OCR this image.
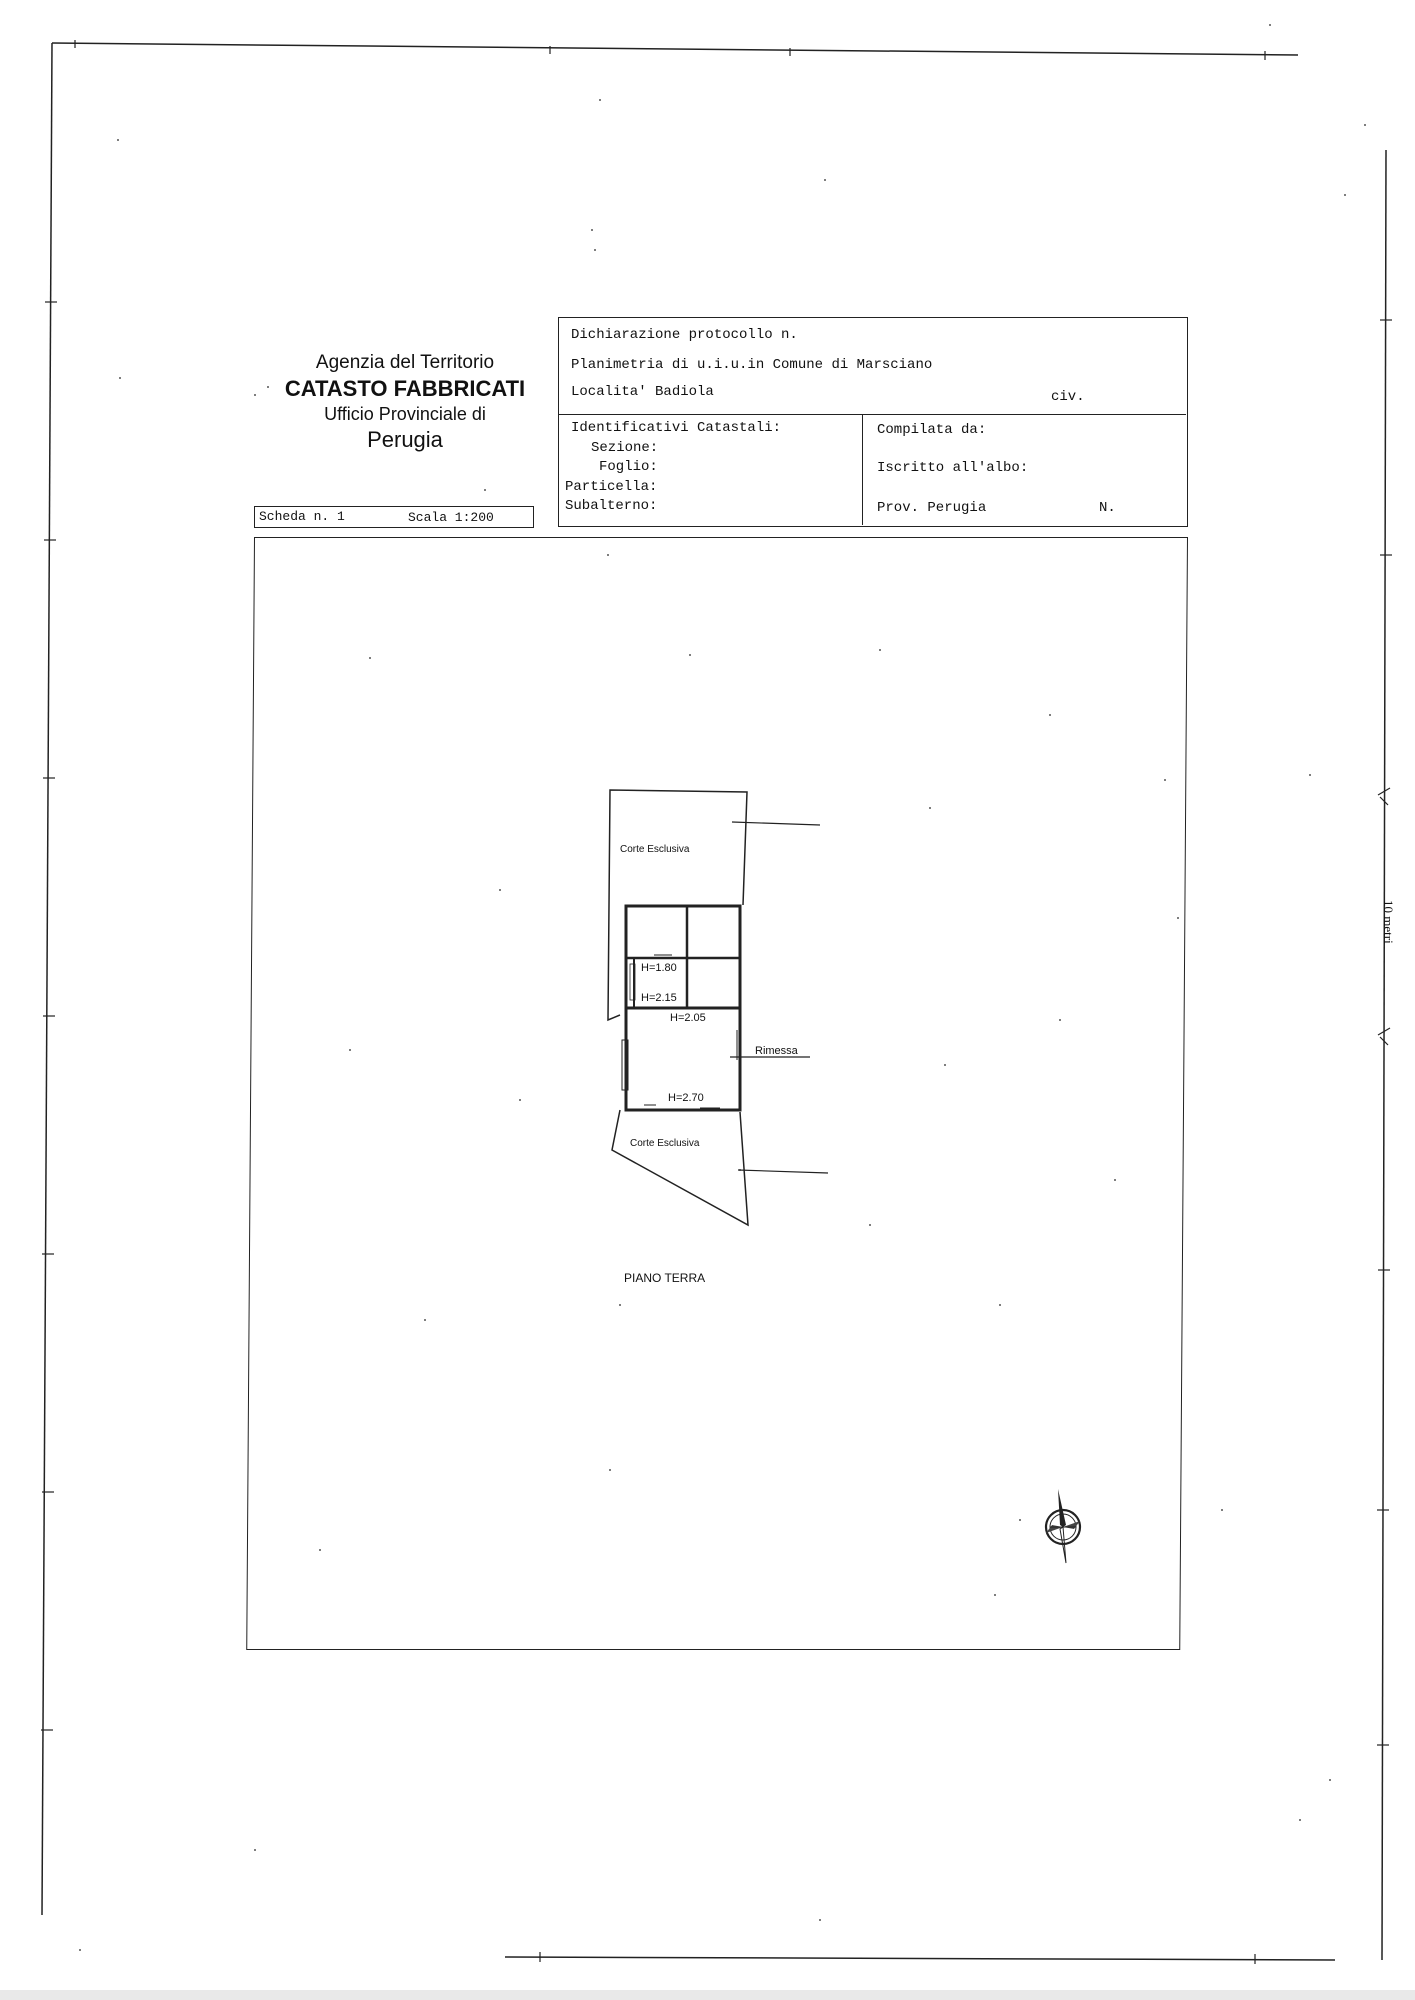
Agenzia del Territorio
CATASTO FABBRICATI
Ufficio Provinciale di
Perugia
Dichiarazione protocollo n.
Planimetria di u.i.u.in Comune di Marsciano
Localita' Badiola	civ.
Identificativi Catastali:
Sezione:
Foglio:
Particella:
Subalterno:
Compilata da:
Iscritto all'albo:
Prov. Perugia	N.
Scheda n. 1	Scala 1:200
Corte Esclusiva
H=1.80
H=2.15
H=2.05
Rimessa
H=2.70
Corte Esclusiva
PIANO TERRA
10 metri
